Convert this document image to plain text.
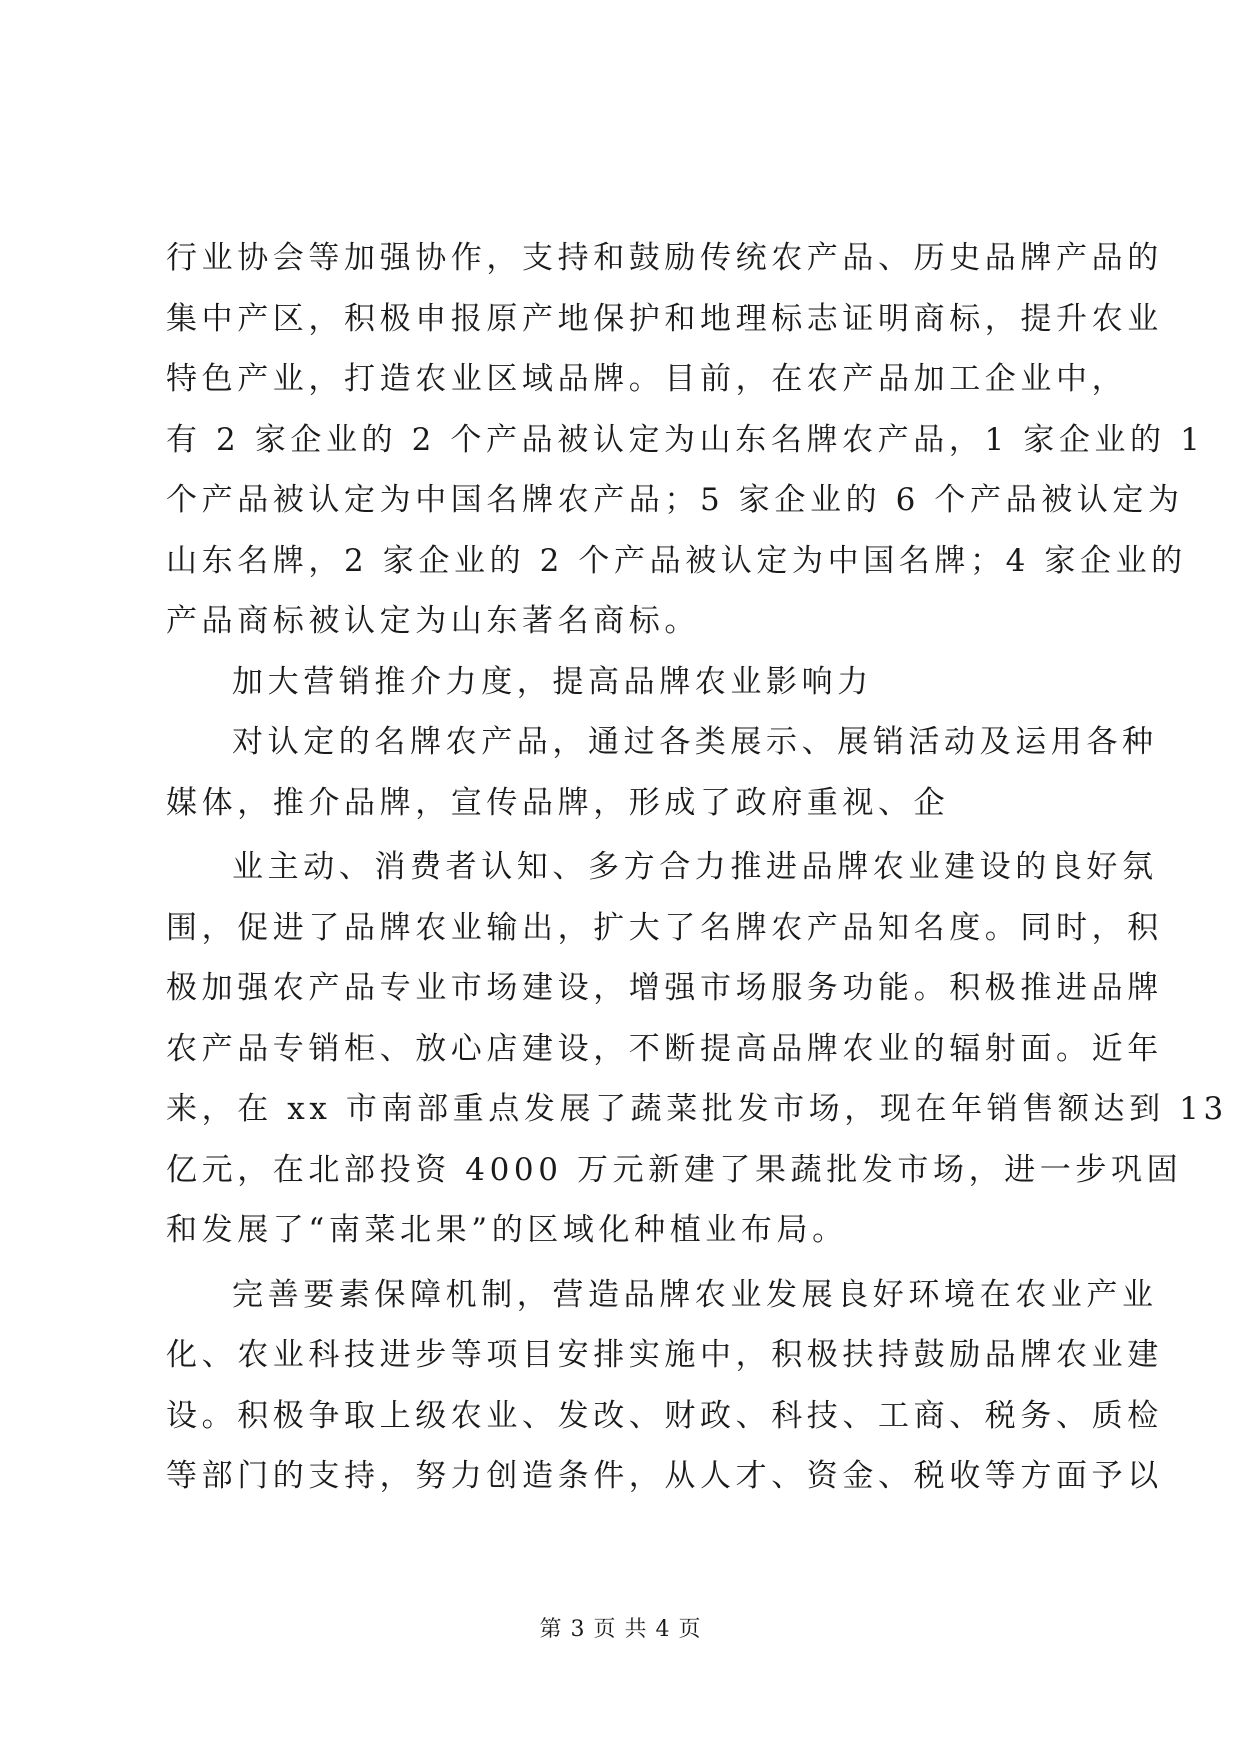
行业协会等加强协作，支持和鼓励传统农产品、历史品牌产品的
集中产区，积极申报原产地保护和地理标志证明商标，提升农业
特色产业，打造农业区域品牌。目前，在农产品加工企业中，
有 2 家企业的 2 个产品被认定为山东名牌农产品，1 家企业的 1
个产品被认定为中国名牌农产品；5 家企业的 6 个产品被认定为
山东名牌，2 家企业的 2 个产品被认定为中国名牌；4 家企业的
产品商标被认定为山东著名商标。
加大营销推介力度，提高品牌农业影响力
对认定的名牌农产品，通过各类展示、展销活动及运用各种
媒体，推介品牌，宣传品牌，形成了政府重视、企
业主动、消费者认知、多方合力推进品牌农业建设的良好氛
围，促进了品牌农业输出，扩大了名牌农产品知名度。同时，积
极加强农产品专业市场建设，增强市场服务功能。积极推进品牌
农产品专销柜、放心店建设，不断提高品牌农业的辐射面。近年
来，在 xx 市南部重点发展了蔬菜批发市场，现在年销售额达到 13
亿元，在北部投资 4000 万元新建了果蔬批发市场，进一步巩固
和发展了“南菜北果”的区域化种植业布局。
完善要素保障机制，营造品牌农业发展良好环境在农业产业
化、农业科技进步等项目安排实施中，积极扶持鼓励品牌农业建
设。积极争取上级农业、发改、财政、科技、工商、税务、质检
等部门的支持，努力创造条件，从人才、资金、税收等方面予以
第 3 页 共 4 页
